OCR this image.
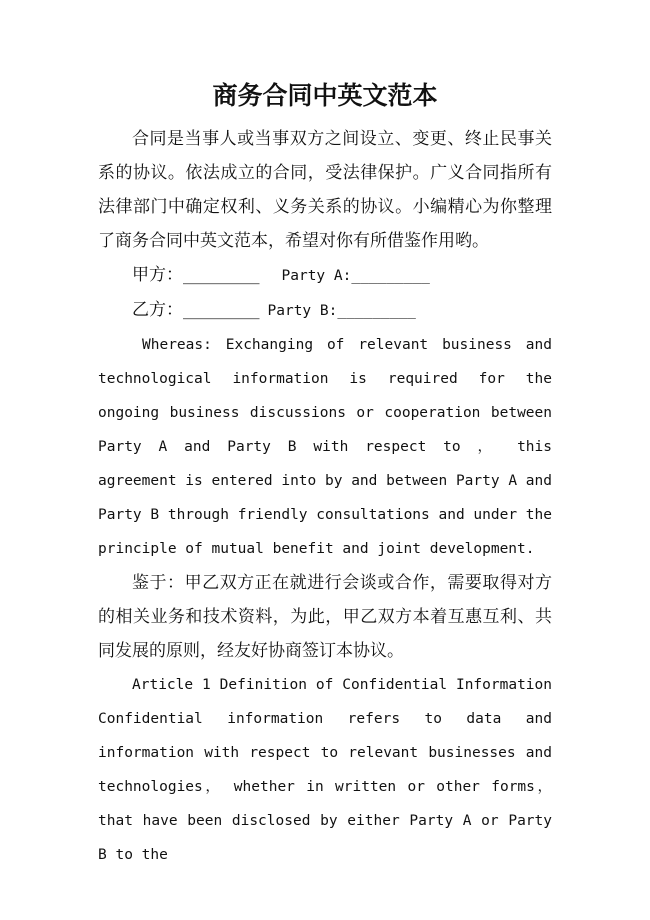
商务合同中英文范本

合同是当事人或当事双方之间设立、变更、终止民事关系的协议。依法成立的合同，受法律保护。广义合同指所有法律部门中确定权利、义务关系的协议。小编精心为你整理了商务合同中英文范本，希望对你有所借鉴作用哟。

甲方：_________ Party A:_________

乙方：_________ Party B:_________

Whereas: Exchanging of relevant business and technological information is required for the ongoing business discussions or cooperation between Party A and Party B with respect to ， this agreement is entered into by and between Party A and Party B through friendly consultations and under the principle of mutual benefit and joint development.

鉴于：甲乙双方正在就进行会谈或合作，需要取得对方的相关业务和技术资料，为此，甲乙双方本着互惠互利、共同发展的原则，经友好协商签订本协议。

Article 1 Definition of Confidential Information Confidential information refers to data and information with respect to relevant businesses and technologies， whether in written or other forms， that have been disclosed by either Party A or Party B to the
